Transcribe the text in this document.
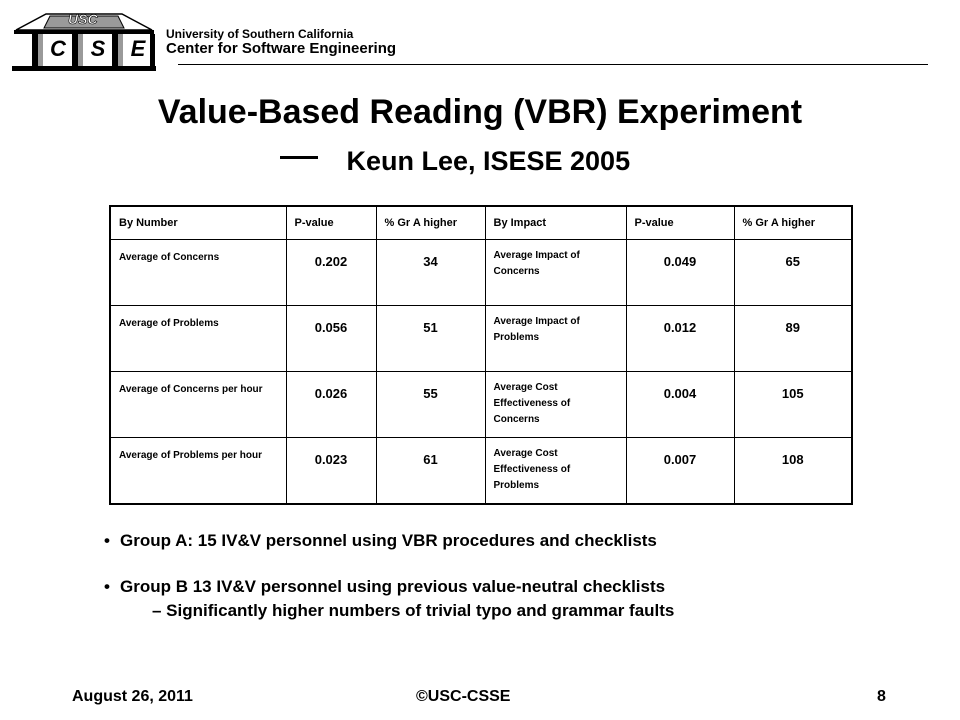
USC
C S E
University of Southern California
Center for Software Engineering
Value-Based Reading (VBR) Experiment
Keun Lee, ISESE 2005
By Number	P-value	% Gr A higher	By Impact	P-value	% Gr A higher
Average of Concerns	0.202	34	Average Impact of Concerns	0.049	65
Average of Problems	0.056	51	Average Impact of Problems	0.012	89
Average of Concerns per hour	0.026	55	Average Cost Effectiveness of Concerns	0.004	105
Average of Problems per hour	0.023	61	Average Cost Effectiveness of Problems	0.007	108
• Group A: 15 IV&V personnel using VBR procedures and checklists
• Group B 13 IV&V personnel using previous value-neutral checklists
– Significantly higher numbers of trivial typo and grammar faults
August 26, 2011	©USC-CSSE	8
